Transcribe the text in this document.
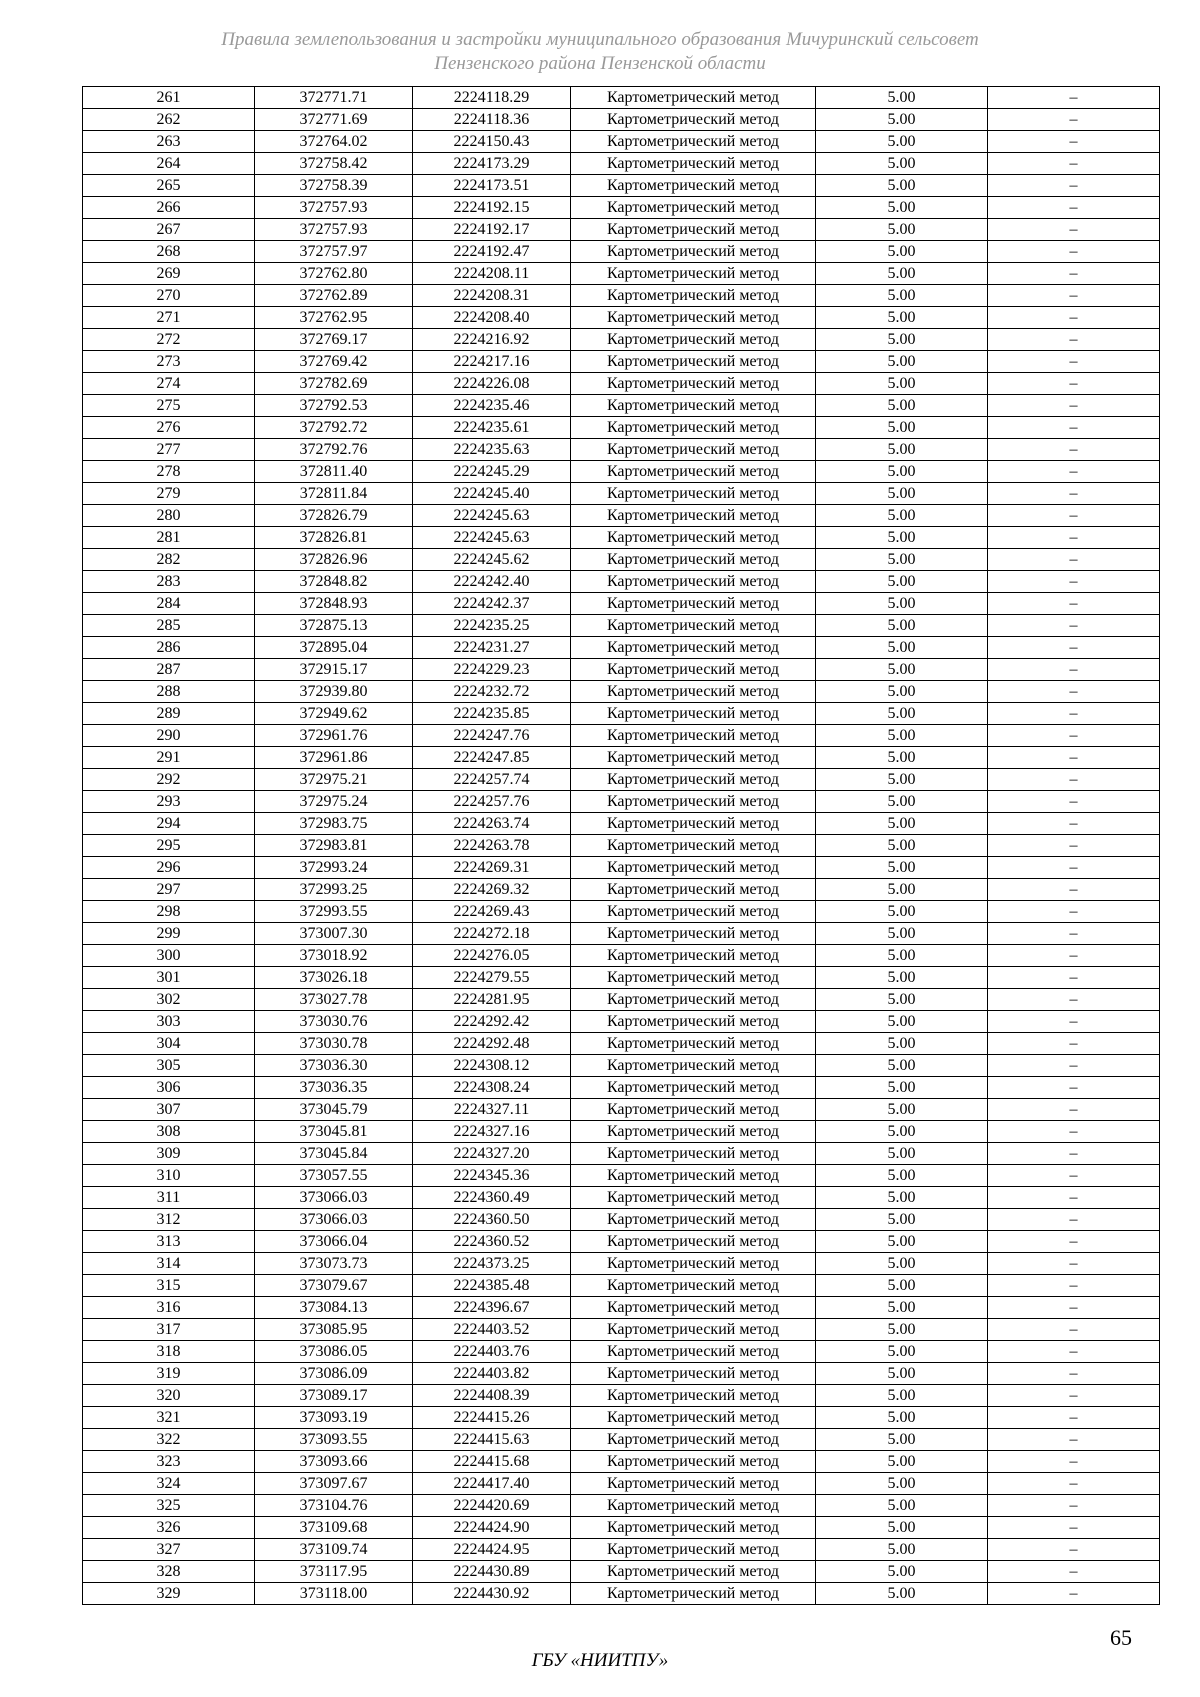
Правила землепользования и застройки муниципального образования Мичуринский сельсовет
Пензенского района Пензенской области
261	372771.71	2224118.29	Картометрический метод	5.00	–
262	372771.69	2224118.36	Картометрический метод	5.00	–
263	372764.02	2224150.43	Картометрический метод	5.00	–
264	372758.42	2224173.29	Картометрический метод	5.00	–
265	372758.39	2224173.51	Картометрический метод	5.00	–
266	372757.93	2224192.15	Картометрический метод	5.00	–
267	372757.93	2224192.17	Картометрический метод	5.00	–
268	372757.97	2224192.47	Картометрический метод	5.00	–
269	372762.80	2224208.11	Картометрический метод	5.00	–
270	372762.89	2224208.31	Картометрический метод	5.00	–
271	372762.95	2224208.40	Картометрический метод	5.00	–
272	372769.17	2224216.92	Картометрический метод	5.00	–
273	372769.42	2224217.16	Картометрический метод	5.00	–
274	372782.69	2224226.08	Картометрический метод	5.00	–
275	372792.53	2224235.46	Картометрический метод	5.00	–
276	372792.72	2224235.61	Картометрический метод	5.00	–
277	372792.76	2224235.63	Картометрический метод	5.00	–
278	372811.40	2224245.29	Картометрический метод	5.00	–
279	372811.84	2224245.40	Картометрический метод	5.00	–
280	372826.79	2224245.63	Картометрический метод	5.00	–
281	372826.81	2224245.63	Картометрический метод	5.00	–
282	372826.96	2224245.62	Картометрический метод	5.00	–
283	372848.82	2224242.40	Картометрический метод	5.00	–
284	372848.93	2224242.37	Картометрический метод	5.00	–
285	372875.13	2224235.25	Картометрический метод	5.00	–
286	372895.04	2224231.27	Картометрический метод	5.00	–
287	372915.17	2224229.23	Картометрический метод	5.00	–
288	372939.80	2224232.72	Картометрический метод	5.00	–
289	372949.62	2224235.85	Картометрический метод	5.00	–
290	372961.76	2224247.76	Картометрический метод	5.00	–
291	372961.86	2224247.85	Картометрический метод	5.00	–
292	372975.21	2224257.74	Картометрический метод	5.00	–
293	372975.24	2224257.76	Картометрический метод	5.00	–
294	372983.75	2224263.74	Картометрический метод	5.00	–
295	372983.81	2224263.78	Картометрический метод	5.00	–
296	372993.24	2224269.31	Картометрический метод	5.00	–
297	372993.25	2224269.32	Картометрический метод	5.00	–
298	372993.55	2224269.43	Картометрический метод	5.00	–
299	373007.30	2224272.18	Картометрический метод	5.00	–
300	373018.92	2224276.05	Картометрический метод	5.00	–
301	373026.18	2224279.55	Картометрический метод	5.00	–
302	373027.78	2224281.95	Картометрический метод	5.00	–
303	373030.76	2224292.42	Картометрический метод	5.00	–
304	373030.78	2224292.48	Картометрический метод	5.00	–
305	373036.30	2224308.12	Картометрический метод	5.00	–
306	373036.35	2224308.24	Картометрический метод	5.00	–
307	373045.79	2224327.11	Картометрический метод	5.00	–
308	373045.81	2224327.16	Картометрический метод	5.00	–
309	373045.84	2224327.20	Картометрический метод	5.00	–
310	373057.55	2224345.36	Картометрический метод	5.00	–
311	373066.03	2224360.49	Картометрический метод	5.00	–
312	373066.03	2224360.50	Картометрический метод	5.00	–
313	373066.04	2224360.52	Картометрический метод	5.00	–
314	373073.73	2224373.25	Картометрический метод	5.00	–
315	373079.67	2224385.48	Картометрический метод	5.00	–
316	373084.13	2224396.67	Картометрический метод	5.00	–
317	373085.95	2224403.52	Картометрический метод	5.00	–
318	373086.05	2224403.76	Картометрический метод	5.00	–
319	373086.09	2224403.82	Картометрический метод	5.00	–
320	373089.17	2224408.39	Картометрический метод	5.00	–
321	373093.19	2224415.26	Картометрический метод	5.00	–
322	373093.55	2224415.63	Картометрический метод	5.00	–
323	373093.66	2224415.68	Картометрический метод	5.00	–
324	373097.67	2224417.40	Картометрический метод	5.00	–
325	373104.76	2224420.69	Картометрический метод	5.00	–
326	373109.68	2224424.90	Картометрический метод	5.00	–
327	373109.74	2224424.95	Картометрический метод	5.00	–
328	373117.95	2224430.89	Картометрический метод	5.00	–
329	373118.00	2224430.92	Картометрический метод	5.00	–
65
ГБУ «НИИТПУ»
